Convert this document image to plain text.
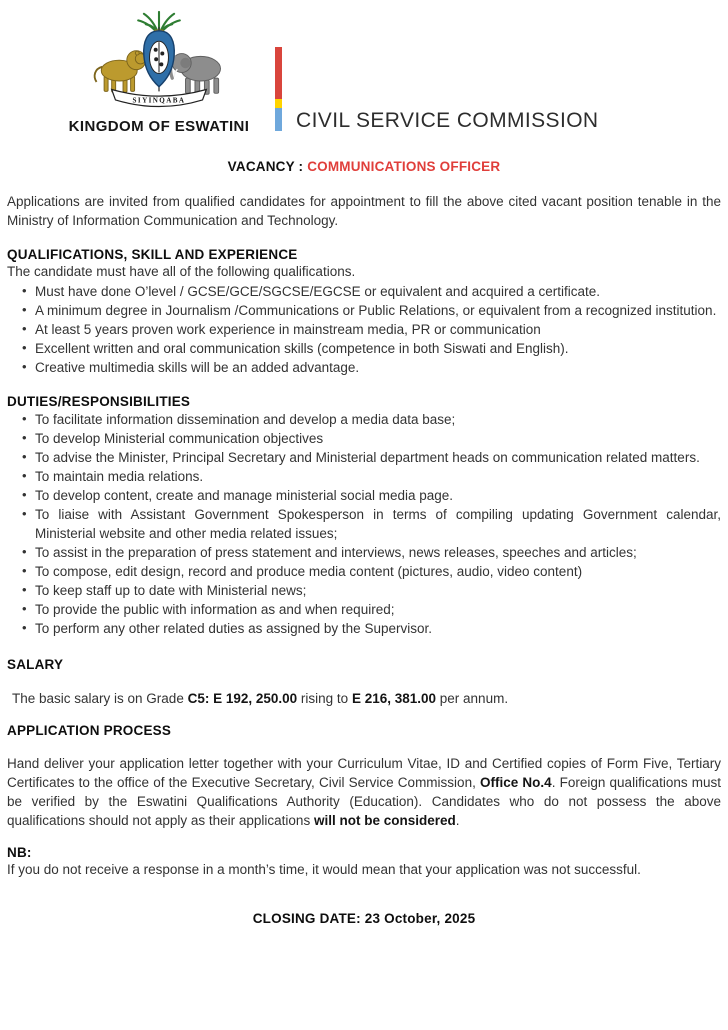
SIYINQABA
KINGDOM OF ESWATINI CIVIL SERVICE COMMISSION
VACANCY : COMMUNICATIONS OFFICER

Applications are invited from qualified candidates for appointment to fill the above cited vacant position tenable in the Ministry of Information Communication and Technology.

QUALIFICATIONS, SKILL AND EXPERIENCE

The candidate must have all of the following qualifications.

• Must have done O’level / GCSE/GCE/SGCSE/EGCSE or equivalent and acquired a certificate.
• A minimum degree in Journalism /Communications or Public Relations, or equivalent from a recognized institution.
• At least 5 years proven work experience in mainstream media, PR or communication
• Excellent written and oral communication skills (competence in both Siswati and English).
• Creative multimedia skills will be an added advantage.
DUTIES/RESPONSIBILITIES
• To facilitate information dissemination and develop a media data base;
• To develop Ministerial communication objectives
• To advise the Minister, Principal Secretary and Ministerial department heads on communication related matters.
• To maintain media relations.
• To develop content, create and manage ministerial social media page.
• To liaise with Assistant Government Spokesperson in terms of compiling updating Government calendar, Ministerial website and other media related issues;
• To assist in the preparation of press statement and interviews, news releases, speeches and articles;
• To compose, edit design, record and produce media content (pictures, audio, video content)
• To keep staff up to date with Ministerial news;
• To provide the public with information as and when required;
• To perform any other related duties as assigned by the Supervisor.
SALARY

The basic salary is on Grade C5: E 192, 250.00 rising to E 216, 381.00 per annum.

APPLICATION PROCESS

Hand deliver your application letter together with your Curriculum Vitae, ID and Certified copies of Form Five, Tertiary Certificates to the office of the Executive Secretary, Civil Service Commission, Office No.4. Foreign qualifications must be verified by the Eswatini Qualifications Authority (Education). Candidates who do not possess the above qualifications should not apply as their applications will not be considered.

NB:

If you do not receive a response in a month’s time, it would mean that your application was not successful.

CLOSING DATE: 23 October, 2025
